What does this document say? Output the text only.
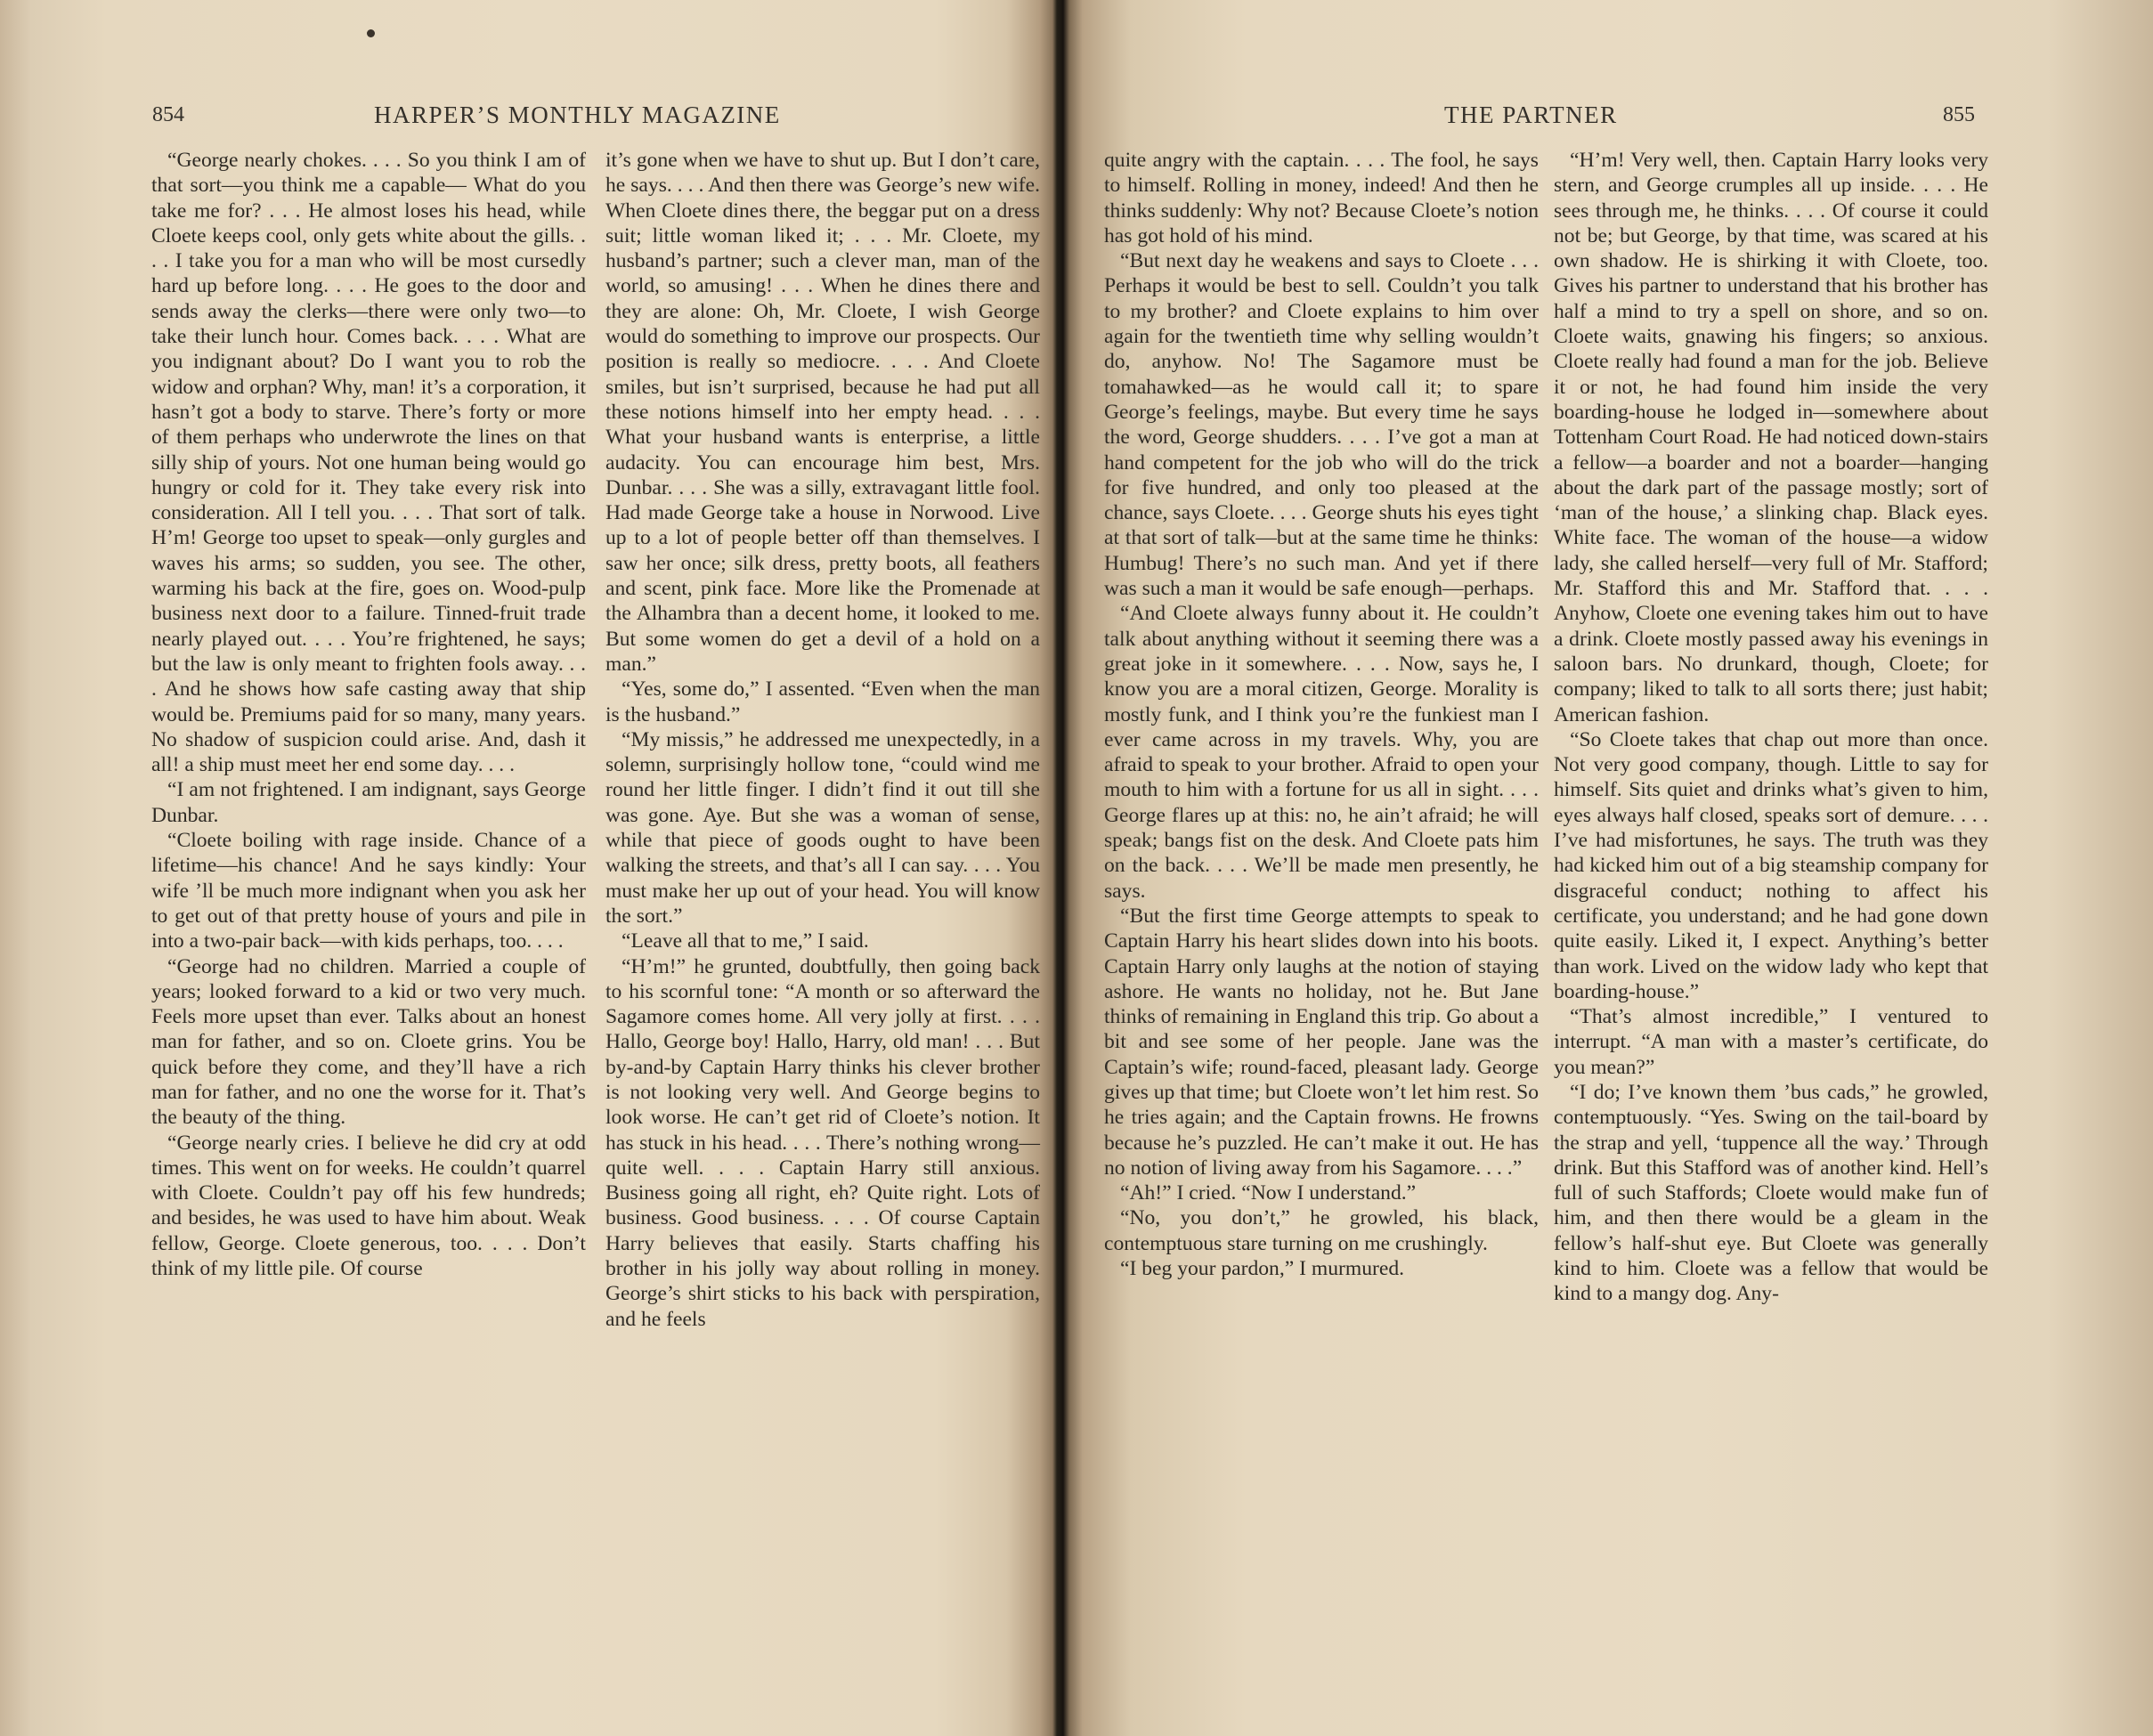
854	HARPER’S MONTHLY MAGAZINE	THE PARTNER	855

“George nearly chokes. . . . So you think I am of that sort—you think me a capable— What do you take me for? . . . He almost loses his head, while Cloete keeps cool, only gets white about the gills. . . . I take you for a man who will be most cursedly hard up before long. . . . He goes to the door and sends away the clerks—there were only two—to take their lunch hour. Comes back. . . . What are you indignant about? Do I want you to rob the widow and orphan? Why, man! it’s a corporation, it hasn’t got a body to starve. There’s forty or more of them perhaps who underwrote the lines on that silly ship of yours. Not one human being would go hungry or cold for it. They take every risk into consideration. All I tell you. . . . That sort of talk. H’m! George too upset to speak—only gurgles and waves his arms; so sudden, you see. The other, warming his back at the fire, goes on. Wood-pulp business next door to a failure. Tinned-fruit trade nearly played out. . . . You’re frightened, he says; but the law is only meant to frighten fools away. . . . And he shows how safe casting away that ship would be. Premiums paid for so many, many years. No shadow of suspicion could arise. And, dash it all! a ship must meet her end some day. . . .

“I am not frightened. I am indignant, says George Dunbar.

“Cloete boiling with rage inside. Chance of a lifetime—his chance! And he says kindly: Your wife ’ll be much more indignant when you ask her to get out of that pretty house of yours and pile in into a two-pair back—with kids perhaps, too. . . .

“George had no children. Married a couple of years; looked forward to a kid or two very much. Feels more upset than ever. Talks about an honest man for father, and so on. Cloete grins. You be quick before they come, and they’ll have a rich man for father, and no one the worse for it. That’s the beauty of the thing.

“George nearly cries. I believe he did cry at odd times. This went on for weeks. He couldn’t quarrel with Cloete. Couldn’t pay off his few hundreds; and besides, he was used to have him about. Weak fellow, George. Cloete generous, too. . . . Don’t think of my little pile. Of course

it’s gone when we have to shut up. But I don’t care, he says. . . . And then there was George’s new wife. When Cloete dines there, the beggar put on a dress suit; little woman liked it; . . . Mr. Cloete, my husband’s partner; such a clever man, man of the world, so amusing! . . . When he dines there and they are alone: Oh, Mr. Cloete, I wish George would do something to improve our prospects. Our position is really so mediocre. . . . And Cloete smiles, but isn’t surprised, because he had put all these notions himself into her empty head. . . . What your husband wants is enterprise, a little audacity. You can encourage him best, Mrs. Dunbar. . . . She was a silly, extravagant little fool. Had made George take a house in Norwood. Live up to a lot of people better off than themselves. I saw her once; silk dress, pretty boots, all feathers and scent, pink face. More like the Promenade at the Alhambra than a decent home, it looked to me. But some women do get a devil of a hold on a man.”

“Yes, some do,” I assented. “Even when the man is the husband.”

“My missis,” he addressed me unexpectedly, in a solemn, surprisingly hollow tone, “could wind me round her little finger. I didn’t find it out till she was gone. Aye. But she was a woman of sense, while that piece of goods ought to have been walking the streets, and that’s all I can say. . . . You must make her up out of your head. You will know the sort.”

“Leave all that to me,” I said.

“H’m!” he grunted, doubtfully, then going back to his scornful tone: “A month or so afterward the Sagamore comes home. All very jolly at first. . . . Hallo, George boy! Hallo, Harry, old man! . . . But by-and-by Captain Harry thinks his clever brother is not looking very well. And George begins to look worse. He can’t get rid of Cloete’s notion. It has stuck in his head. . . . There’s nothing wrong—quite well. . . . Captain Harry still anxious. Business going all right, eh? Quite right. Lots of business. Good business. . . . Of course Captain Harry believes that easily. Starts chaffing his brother in his jolly way about rolling in money. George’s shirt sticks to his back with perspiration, and he feels

quite angry with the captain. . . . The fool, he says to himself. Rolling in money, indeed! And then he thinks suddenly: Why not? Because Cloete’s notion has got hold of his mind.

“But next day he weakens and says to Cloete . . . Perhaps it would be best to sell. Couldn’t you talk to my brother? and Cloete explains to him over again for the twentieth time why selling wouldn’t do, anyhow. No! The Sagamore must be tomahawked—as he would call it; to spare George’s feelings, maybe. But every time he says the word, George shudders. . . . I’ve got a man at hand competent for the job who will do the trick for five hundred, and only too pleased at the chance, says Cloete. . . . George shuts his eyes tight at that sort of talk—but at the same time he thinks: Humbug! There’s no such man. And yet if there was such a man it would be safe enough—perhaps.

“And Cloete always funny about it. He couldn’t talk about anything without it seeming there was a great joke in it somewhere. . . . Now, says he, I know you are a moral citizen, George. Morality is mostly funk, and I think you’re the funkiest man I ever came across in my travels. Why, you are afraid to speak to your brother. Afraid to open your mouth to him with a fortune for us all in sight. . . . George flares up at this: no, he ain’t afraid; he will speak; bangs fist on the desk. And Cloete pats him on the back. . . . We’ll be made men presently, he says.

“But the first time George attempts to speak to Captain Harry his heart slides down into his boots. Captain Harry only laughs at the notion of staying ashore. He wants no holiday, not he. But Jane thinks of remaining in England this trip. Go about a bit and see some of her people. Jane was the Captain’s wife; round-faced, pleasant lady. George gives up that time; but Cloete won’t let him rest. So he tries again; and the Captain frowns. He frowns because he’s puzzled. He can’t make it out. He has no notion of living away from his Sagamore. . . .”

“Ah!” I cried. “Now I understand.”

“No, you don’t,” he growled, his black, contemptuous stare turning on me crushingly.

“I beg your pardon,” I murmured.

“H’m! Very well, then. Captain Harry looks very stern, and George crumples all up inside. . . . He sees through me, he thinks. . . . Of course it could not be; but George, by that time, was scared at his own shadow. He is shirking it with Cloete, too. Gives his partner to understand that his brother has half a mind to try a spell on shore, and so on. Cloete waits, gnawing his fingers; so anxious. Cloete really had found a man for the job. Believe it or not, he had found him inside the very boarding-house he lodged in—somewhere about Tottenham Court Road. He had noticed down-stairs a fellow—a boarder and not a boarder—hanging about the dark part of the passage mostly; sort of ‘man of the house,’ a slinking chap. Black eyes. White face. The woman of the house—a widow lady, she called herself—very full of Mr. Stafford; Mr. Stafford this and Mr. Stafford that. . . . Anyhow, Cloete one evening takes him out to have a drink. Cloete mostly passed away his evenings in saloon bars. No drunkard, though, Cloete; for company; liked to talk to all sorts there; just habit; American fashion.

“So Cloete takes that chap out more than once. Not very good company, though. Little to say for himself. Sits quiet and drinks what’s given to him, eyes always half closed, speaks sort of demure. . . . I’ve had misfortunes, he says. The truth was they had kicked him out of a big steamship company for disgraceful conduct; nothing to affect his certificate, you understand; and he had gone down quite easily. Liked it, I expect. Anything’s better than work. Lived on the widow lady who kept that boarding-house.”

“That’s almost incredible,” I ventured to interrupt. “A man with a master’s certificate, do you mean?”

“I do; I’ve known them ’bus cads,” he growled, contemptuously. “Yes. Swing on the tail-board by the strap and yell, ‘tuppence all the way.’ Through drink. But this Stafford was of another kind. Hell’s full of such Staffords; Cloete would make fun of him, and then there would be a gleam in the fellow’s half-shut eye. But Cloete was generally kind to him. Cloete was a fellow that would be kind to a mangy dog. Any-
